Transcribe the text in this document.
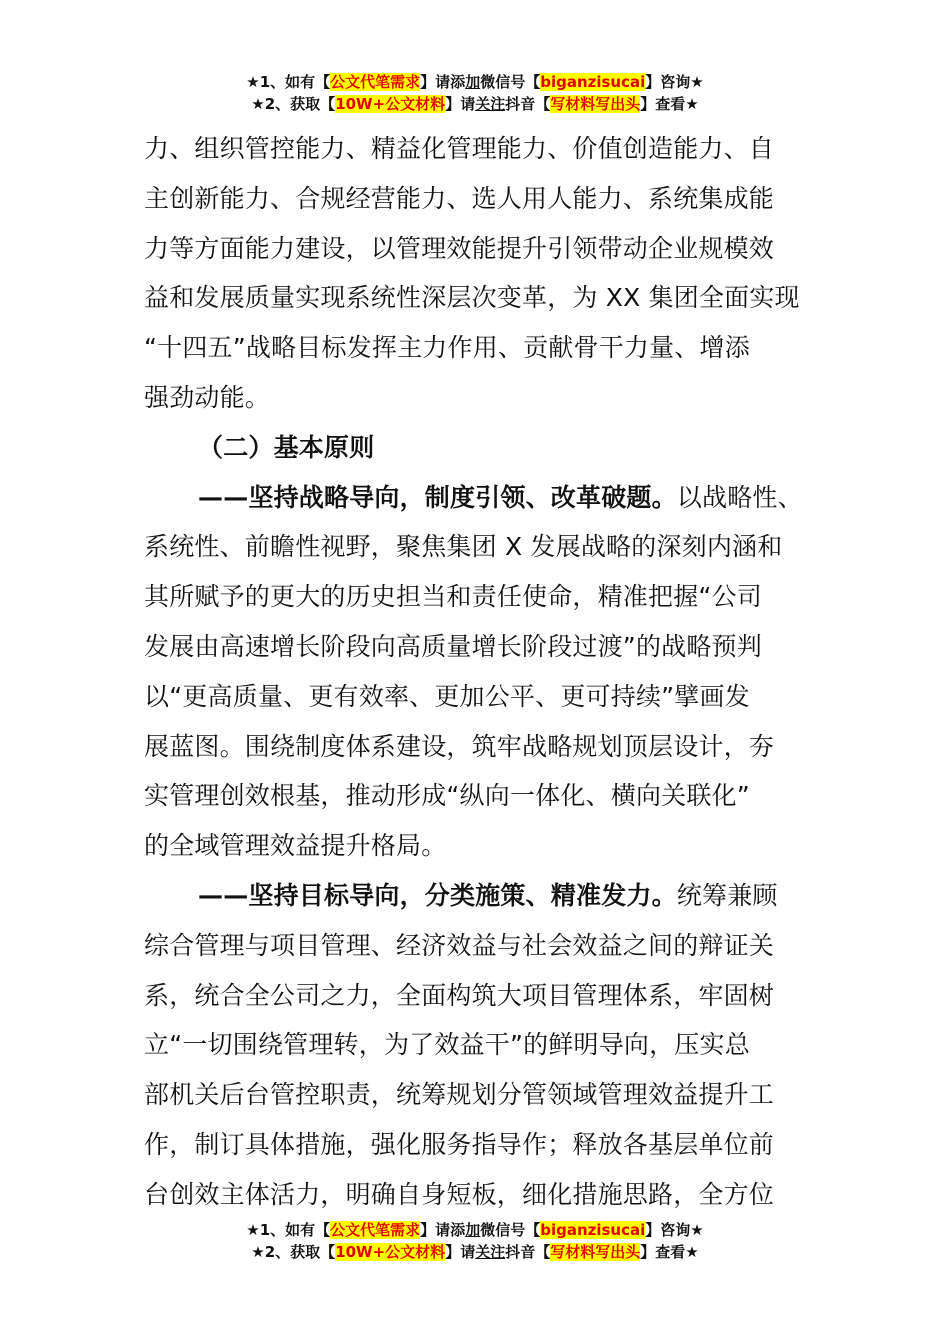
★1、如有【公文代笔需求】请添加微信号【biganzisucai】咨询★
★2、获取【10W+公文材料】请关注抖音【写材料写出头】查看★
力、组织管控能力、精益化管理能力、价值创造能力、自
主创新能力、合规经营能力、选人用人能力、系统集成能
力等方面能力建设，以管理效能提升引领带动企业规模效
益和发展质量实现系统性深层次变革，为 XX 集团全面实现
“十四五”战略目标发挥主力作用、贡献骨干力量、增添
强劲动能。
（二）基本原则
——坚持战略导向，制度引领、改革破题。以战略性、
系统性、前瞻性视野，聚焦集团 X 发展战略的深刻内涵和
其所赋予的更大的历史担当和责任使命，精准把握“公司
发展由高速增长阶段向高质量增长阶段过渡”的战略预判
以“更高质量、更有效率、更加公平、更可持续”擘画发
展蓝图。围绕制度体系建设，筑牢战略规划顶层设计，夯
实管理创效根基，推动形成“纵向一体化、横向关联化”
的全域管理效益提升格局。
——坚持目标导向，分类施策、精准发力。统筹兼顾
综合管理与项目管理、经济效益与社会效益之间的辩证关
系，统合全公司之力，全面构筑大项目管理体系，牢固树
立“一切围绕管理转，为了效益干”的鲜明导向，压实总
部机关后台管控职责，统筹规划分管领域管理效益提升工
作，制订具体措施，强化服务指导作；释放各基层单位前
台创效主体活力，明确自身短板，细化措施思路，全方位
★1、如有【公文代笔需求】请添加微信号【biganzisucai】咨询★
★2、获取【10W+公文材料】请关注抖音【写材料写出头】查看★
